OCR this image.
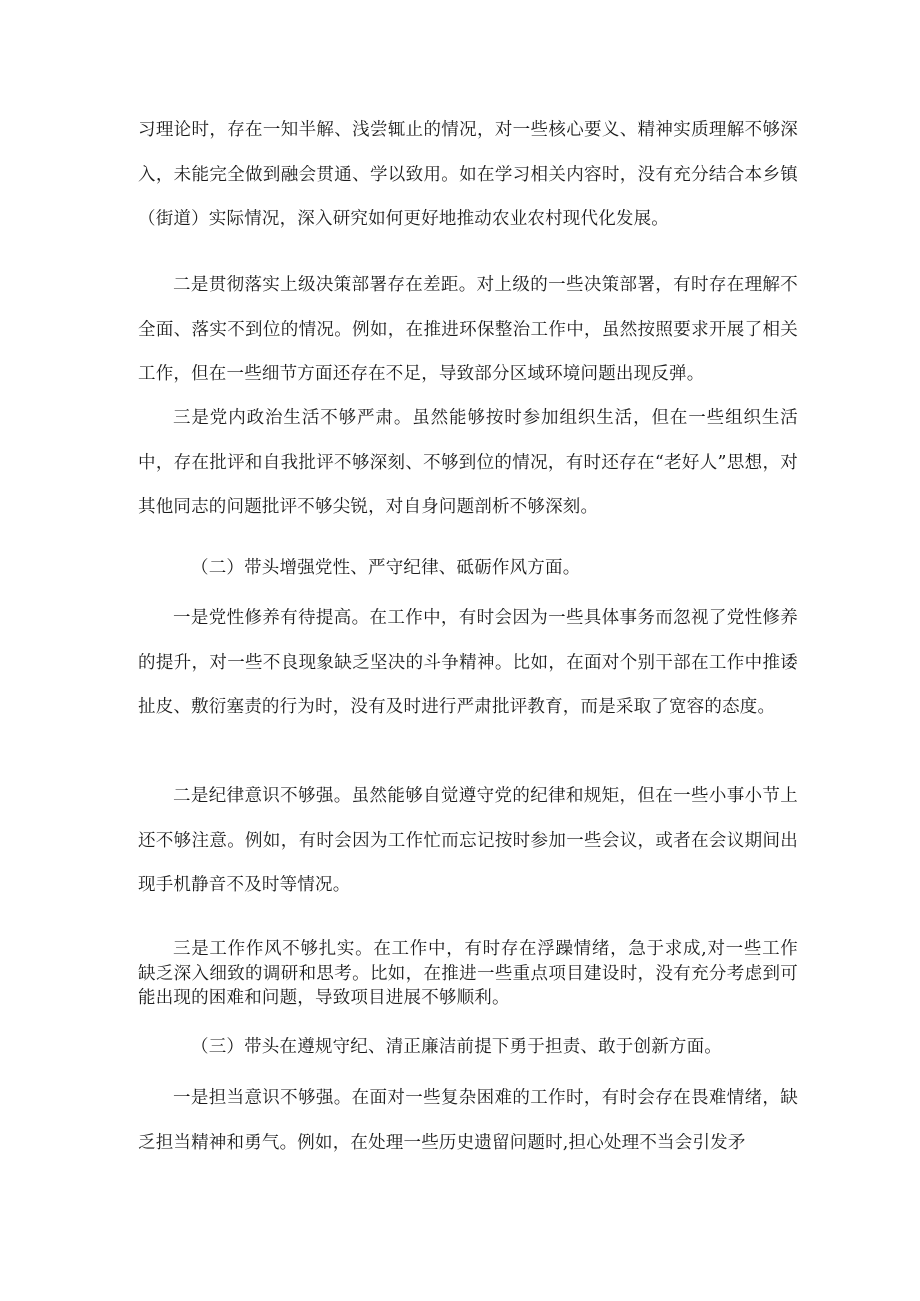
习理论时，存在一知半解、浅尝辄止的情况，对一些核心要义、精神实质理解不够深入，未能完全做到融会贯通、学以致用。如在学习相关内容时，没有充分结合本乡镇（街道）实际情况，深入研究如何更好地推动农业农村现代化发展。

二是贯彻落实上级决策部署存在差距。对上级的一些决策部署，有时存在理解不全面、落实不到位的情况。例如，在推进环保整治工作中，虽然按照要求开展了相关工作，但在一些细节方面还存在不足，导致部分区域环境问题出现反弹。

三是党内政治生活不够严肃。虽然能够按时参加组织生活，但在一些组织生活中，存在批评和自我批评不够深刻、不够到位的情况，有时还存在“老好人”思想，对其他同志的问题批评不够尖锐，对自身问题剖析不够深刻。

（二）带头增强党性、严守纪律、砥砺作风方面。

一是党性修养有待提高。在工作中，有时会因为一些具体事务而忽视了党性修养的提升，对一些不良现象缺乏坚决的斗争精神。比如，在面对个别干部在工作中推诿扯皮、敷衍塞责的行为时，没有及时进行严肃批评教育，而是采取了宽容的态度。

二是纪律意识不够强。虽然能够自觉遵守党的纪律和规矩，但在一些小事小节上还不够注意。例如，有时会因为工作忙而忘记按时参加一些会议，或者在会议期间出现手机静音不及时等情况。

三是工作作风不够扎实。在工作中，有时存在浮躁情绪，急于求成,对一些工作缺乏深入细致的调研和思考。比如，在推进一些重点项目建设时，没有充分考虑到可能出现的困难和问题，导致项目进展不够顺利。

（三）带头在遵规守纪、清正廉洁前提下勇于担责、敢于创新方面。

一是担当意识不够强。在面对一些复杂困难的工作时，有时会存在畏难情绪，缺乏担当精神和勇气。例如，在处理一些历史遗留问题时,担心处理不当会引发矛
